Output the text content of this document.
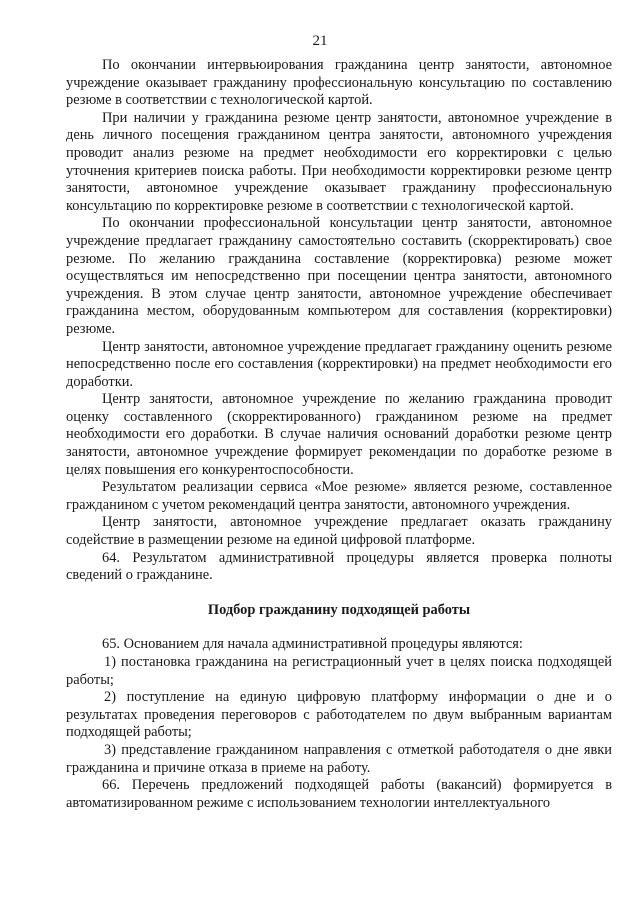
21

По окончании интервьюирования гражданина центр занятости, автономное учреждение оказывает гражданину профессиональную консультацию по составлению резюме в соответствии с технологической картой.

При наличии у гражданина резюме центр занятости, автономное учреждение в день личного посещения гражданином центра занятости, автономного учреждения проводит анализ резюме на предмет необходимости его корректировки с целью уточнения критериев поиска работы. При необходимости корректировки резюме центр занятости, автономное учреждение оказывает гражданину профессиональную консультацию по корректировке резюме в соответствии с технологической картой.

По окончании профессиональной консультации центр занятости, автономное учреждение предлагает гражданину самостоятельно составить (скорректировать) свое резюме. По желанию гражданина составление (корректировка) резюме может осуществляться им непосредственно при посещении центра занятости, автономного учреждения. В этом случае центр занятости, автономное учреждение обеспечивает гражданина местом, оборудованным компьютером для составления (корректировки) резюме.

Центр занятости, автономное учреждение предлагает гражданину оценить резюме непосредственно после его составления (корректировки) на предмет необходимости его доработки.

Центр занятости, автономное учреждение по желанию гражданина проводит оценку составленного (скорректированного) гражданином резюме на предмет необходимости его доработки. В случае наличия оснований доработки резюме центр занятости, автономное учреждение формирует рекомендации по доработке резюме в целях повышения его конкурентоспособности.

Результатом реализации сервиса «Мое резюме» является резюме, составленное гражданином с учетом рекомендаций центра занятости, автономного учреждения.

Центр занятости, автономное учреждение предлагает оказать гражданину содействие в размещении резюме на единой цифровой платформе.

64. Результатом административной процедуры является проверка полноты сведений о гражданине.

Подбор гражданину подходящей работы

65. Основанием для начала административной процедуры являются:

1) постановка гражданина на регистрационный учет в целях поиска подходящей работы;

2) поступление на единую цифровую платформу информации о дне и о результатах проведения переговоров с работодателем по двум выбранным вариантам подходящей работы;

3) представление гражданином направления с отметкой работодателя о дне явки гражданина и причине отказа в приеме на работу.

66. Перечень предложений подходящей работы (вакансий) формируется в автоматизированном режиме с использованием технологии интеллектуального
